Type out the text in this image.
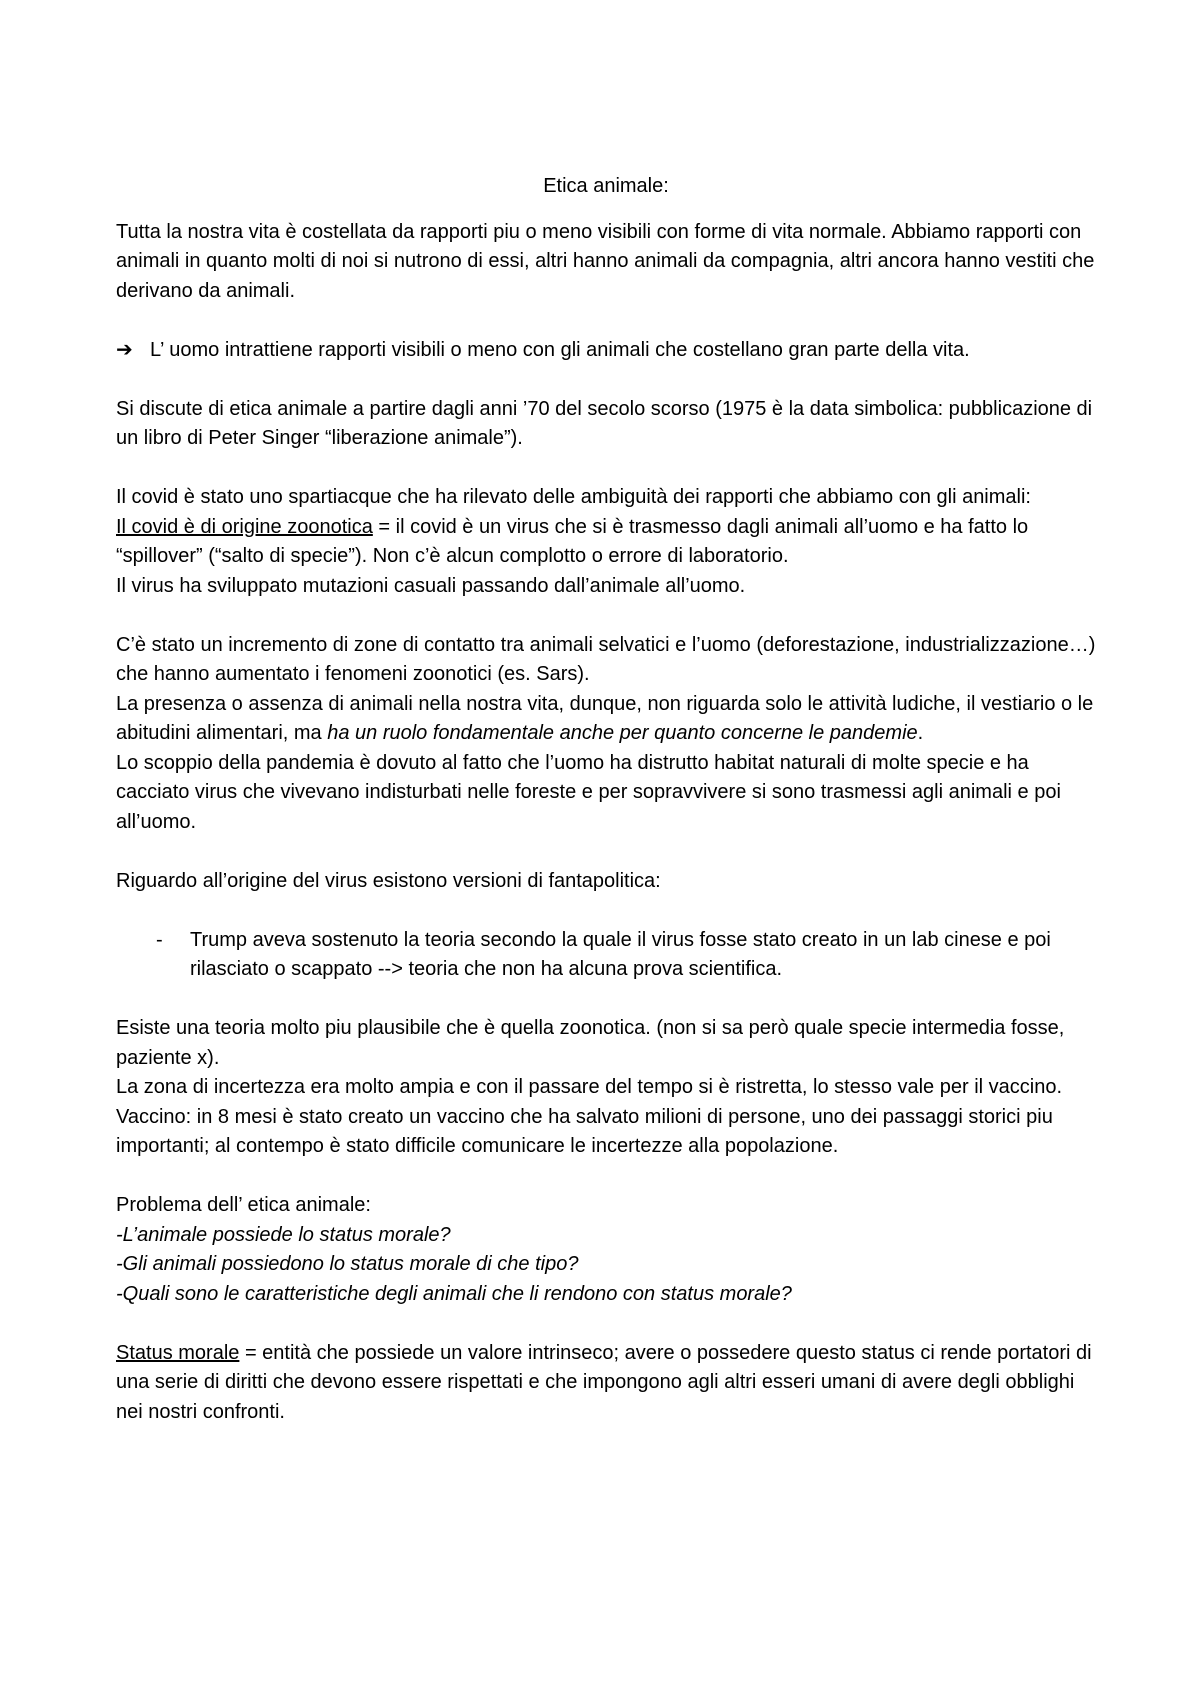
Etica animale:

Tutta la nostra vita è costellata da rapporti piu o meno visibili con forme di vita normale. Abbiamo rapporti con animali in quanto molti di noi si nutrono di essi, altri hanno animali da compagnia, altri ancora hanno vestiti che derivano da animali.

➔ L’ uomo intrattiene rapporti visibili o meno con gli animali che costellano gran parte della vita.

Si discute di etica animale a partire dagli anni ’70 del secolo scorso (1975 è la data simbolica: pubblicazione di un libro di Peter Singer “liberazione animale”).

Il covid è stato uno spartiacque che ha rilevato delle ambiguità dei rapporti che abbiamo con gli animali:

Il covid è di origine zoonotica = il covid è un virus che si è trasmesso dagli animali all’uomo e ha fatto lo “spillover” (“salto di specie”). Non c’è alcun complotto o errore di laboratorio.

Il virus ha sviluppato mutazioni casuali passando dall’animale all’uomo.

C’è stato un incremento di zone di contatto tra animali selvatici e l’uomo (deforestazione, industrializzazione…) che hanno aumentato i fenomeni zoonotici (es. Sars).

La presenza o assenza di animali nella nostra vita, dunque, non riguarda solo le attività ludiche, il vestiario o le abitudini alimentari, ma ha un ruolo fondamentale anche per quanto concerne le pandemie.

Lo scoppio della pandemia è dovuto al fatto che l’uomo ha distrutto habitat naturali di molte specie e ha cacciato virus che vivevano indisturbati nelle foreste e per sopravvivere si sono trasmessi agli animali e poi all’uomo.

Riguardo all’origine del virus esistono versioni di fantapolitica:

-	Trump aveva sostenuto la teoria secondo la quale il virus fosse stato creato in un lab cinese e poi rilasciato o scappato --> teoria che non ha alcuna prova scientifica.

Esiste una teoria molto piu plausibile che è quella zoonotica. (non si sa però quale specie intermedia fosse, paziente x).

La zona di incertezza era molto ampia e con il passare del tempo si è ristretta, lo stesso vale per il vaccino.

Vaccino: in 8 mesi è stato creato un vaccino che ha salvato milioni di persone, uno dei passaggi storici piu importanti; al contempo è stato difficile comunicare le incertezze alla popolazione.

Problema dell’ etica animale:

-L’animale possiede lo status morale?

-Gli animali possiedono lo status morale di che tipo?

-Quali sono le caratteristiche degli animali che li rendono con status morale?

Status morale = entità che possiede un valore intrinseco; avere o possedere questo status ci rende portatori di una serie di diritti che devono essere rispettati e che impongono agli altri esseri umani di avere degli obblighi nei nostri confronti.
